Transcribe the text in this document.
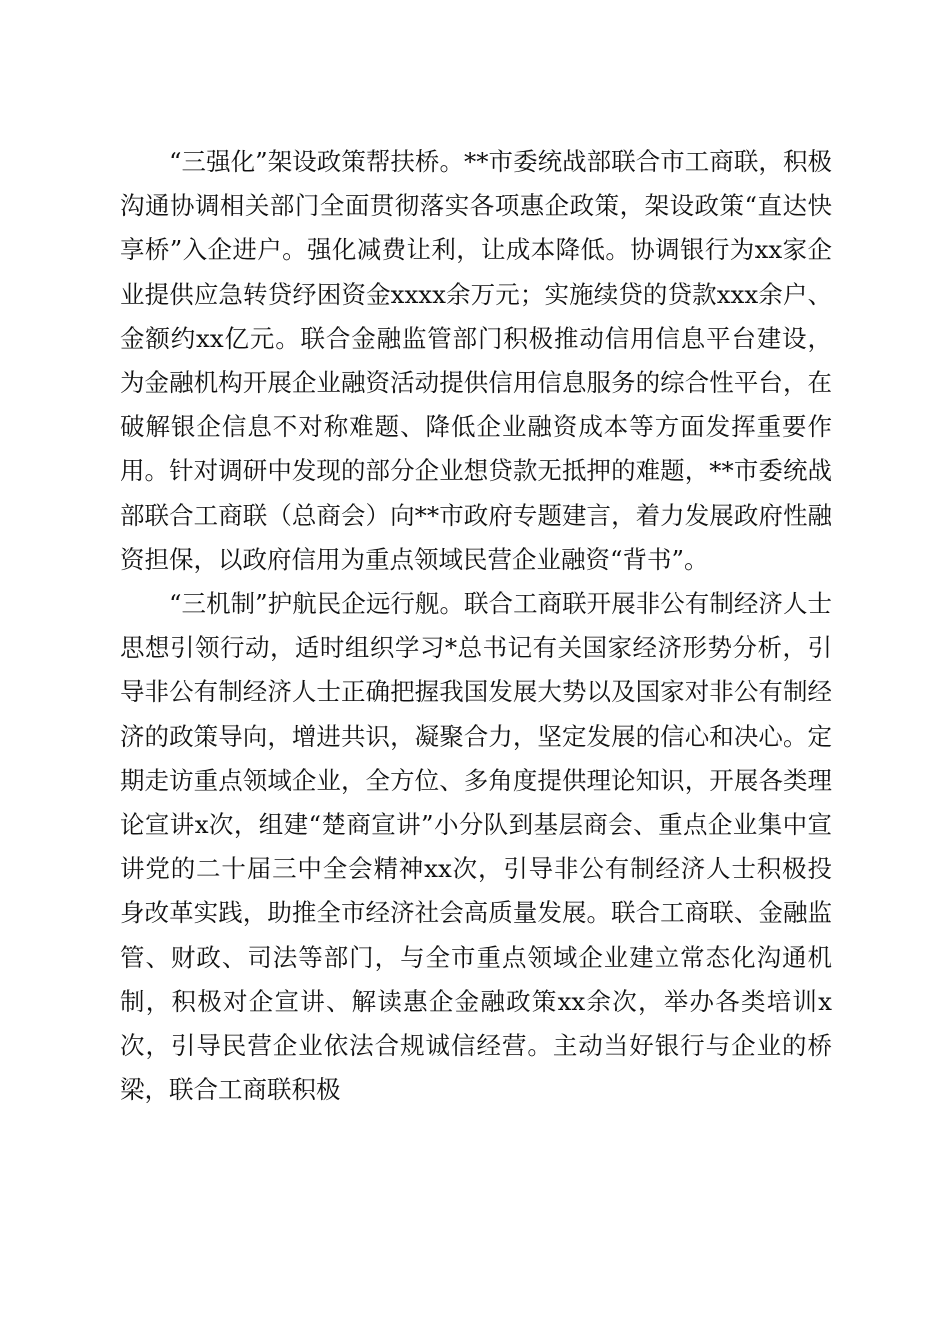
“三强化”架设政策帮扶桥。**市委统战部联合市工商联，积极沟通协调相关部门全面贯彻落实各项惠企政策，架设政策“直达快享桥”入企进户。强化减费让利，让成本降低。协调银行为xx家企业提供应急转贷纾困资金xxxx余万元；实施续贷的贷款xxx余户、金额约xx亿元。联合金融监管部门积极推动信用信息平台建设，为金融机构开展企业融资活动提供信用信息服务的综合性平台，在破解银企信息不对称难题、降低企业融资成本等方面发挥重要作用。针对调研中发现的部分企业想贷款无抵押的难题，**市委统战部联合工商联（总商会）向**市政府专题建言，着力发展政府性融资担保，以政府信用为重点领域民营企业融资“背书”。

“三机制”护航民企远行舰。联合工商联开展非公有制经济人士思想引领行动，适时组织学习*总书记有关国家经济形势分析，引导非公有制经济人士正确把握我国发展大势以及国家对非公有制经济的政策导向，增进共识，凝聚合力，坚定发展的信心和决心。定期走访重点领域企业，全方位、多角度提供理论知识，开展各类理论宣讲x次，组建“楚商宣讲”小分队到基层商会、重点企业集中宣讲党的二十届三中全会精神xx次，引导非公有制经济人士积极投身改革实践，助推全市经济社会高质量发展。联合工商联、金融监管、财政、司法等部门，与全市重点领域企业建立常态化沟通机制，积极对企宣讲、解读惠企金融政策xx余次，举办各类培训x次，引导民营企业依法合规诚信经营。主动当好银行与企业的桥梁，联合工商联积极
